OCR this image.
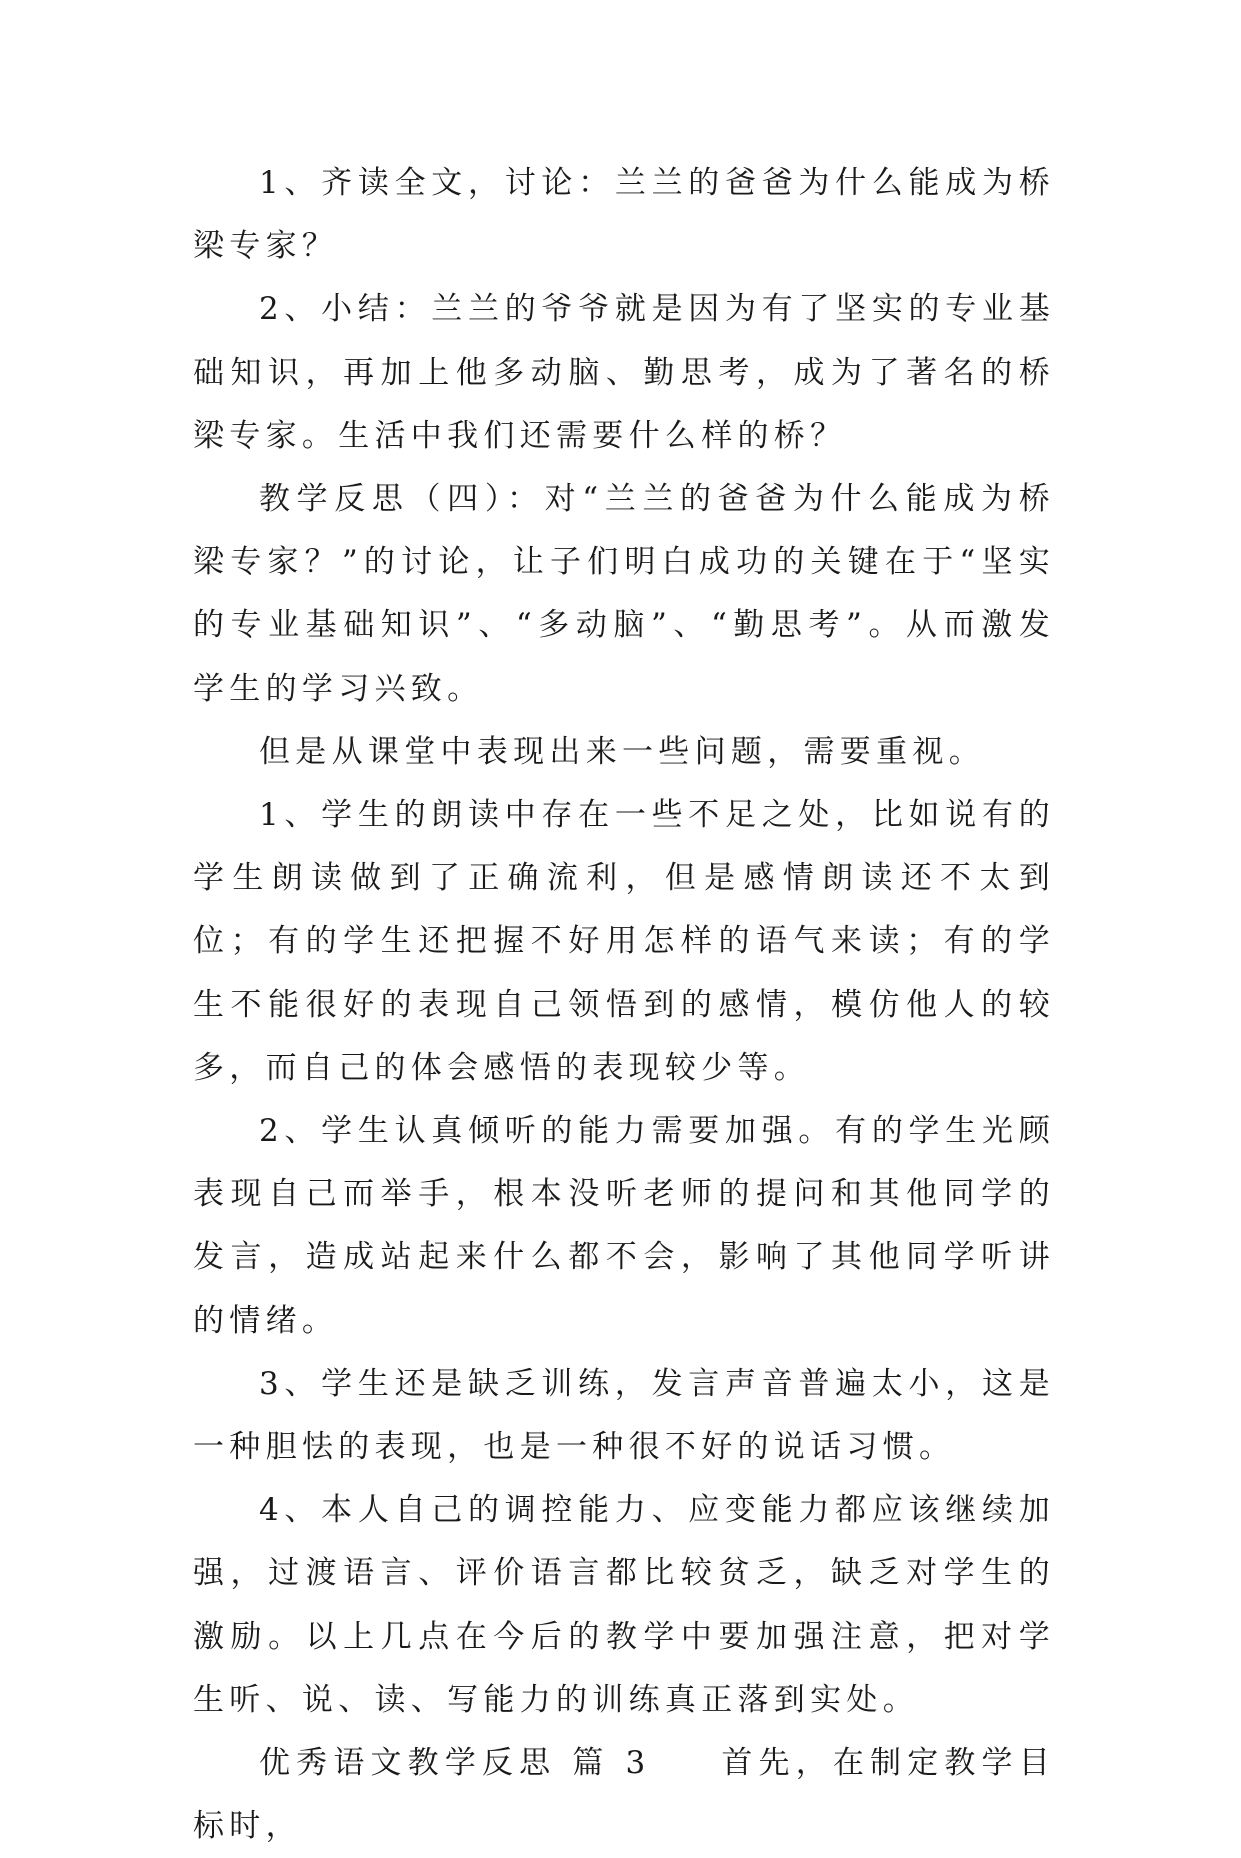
1、齐读全文，讨论：兰兰的爸爸为什么能成为桥梁专家？

2、小结：兰兰的爷爷就是因为有了坚实的专业基础知识，再加上他多动脑、勤思考，成为了著名的桥梁专家。生活中我们还需要什么样的桥？

教学反思（四）：对“兰兰的爸爸为什么能成为桥梁专家？”的讨论，让子们明白成功的关键在于“坚实的专业基础知识”、“多动脑”、“勤思考”。从而激发学生的学习兴致。

但是从课堂中表现出来一些问题，需要重视。

1、学生的朗读中存在一些不足之处，比如说有的学生朗读做到了正确流利，但是感情朗读还不太到位；有的学生还把握不好用怎样的语气来读；有的学生不能很好的表现自己领悟到的感情，模仿他人的较多，而自己的体会感悟的表现较少等。

2、学生认真倾听的能力需要加强。有的学生光顾表现自己而举手，根本没听老师的提问和其他同学的发言，造成站起来什么都不会，影响了其他同学听讲的情绪。

3、学生还是缺乏训练，发言声音普遍太小，这是一种胆怯的表现，也是一种很不好的说话习惯。

4、本人自己的调控能力、应变能力都应该继续加强，过渡语言、评价语言都比较贫乏，缺乏对学生的激励。以上几点在今后的教学中要加强注意，把对学生听、说、读、写能力的训练真正落到实处。

优秀语文教学反思 篇 3 首先，在制定教学目标时，
